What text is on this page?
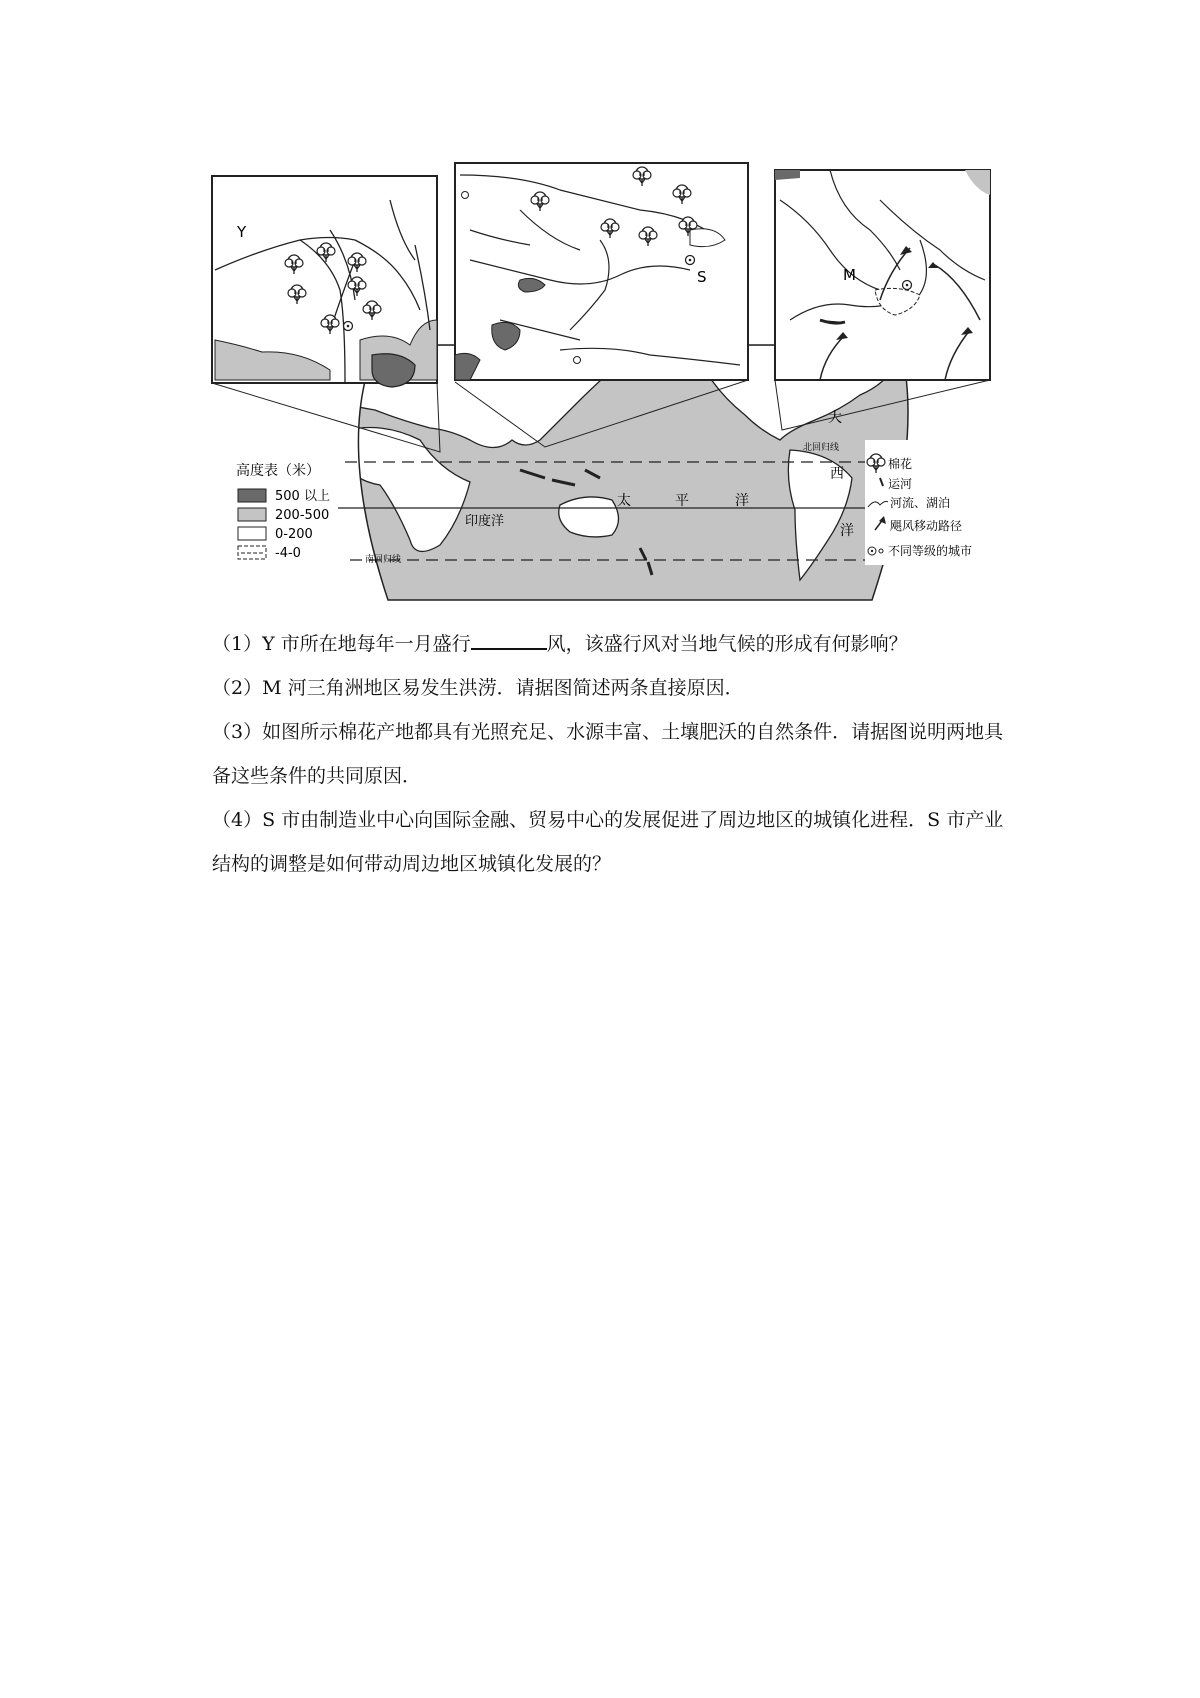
太	平	洋
印度洋
大
西
洋
北回归线
南回归线
Y
S	M
高度表（米）
500 以上
200-500
0-200
-4-0
棉花
运河
河流、湖泊
飓风移动路径
不同等级的城市

（1）Y 市所在地每年一月盛行	风，该盛行风对当地气候的形成有何影响？

（2）M 河三角洲地区易发生洪涝．请据图简述两条直接原因．

（3）如图所示棉花产地都具有光照充足、水源丰富、土壤肥沃的自然条件．请据图说明两地具备这些条件的共同原因．

（4）S 市由制造业中心向国际金融、贸易中心的发展促进了周边地区的城镇化进程．S 市产业结构的调整是如何带动周边地区城镇化发展的？
